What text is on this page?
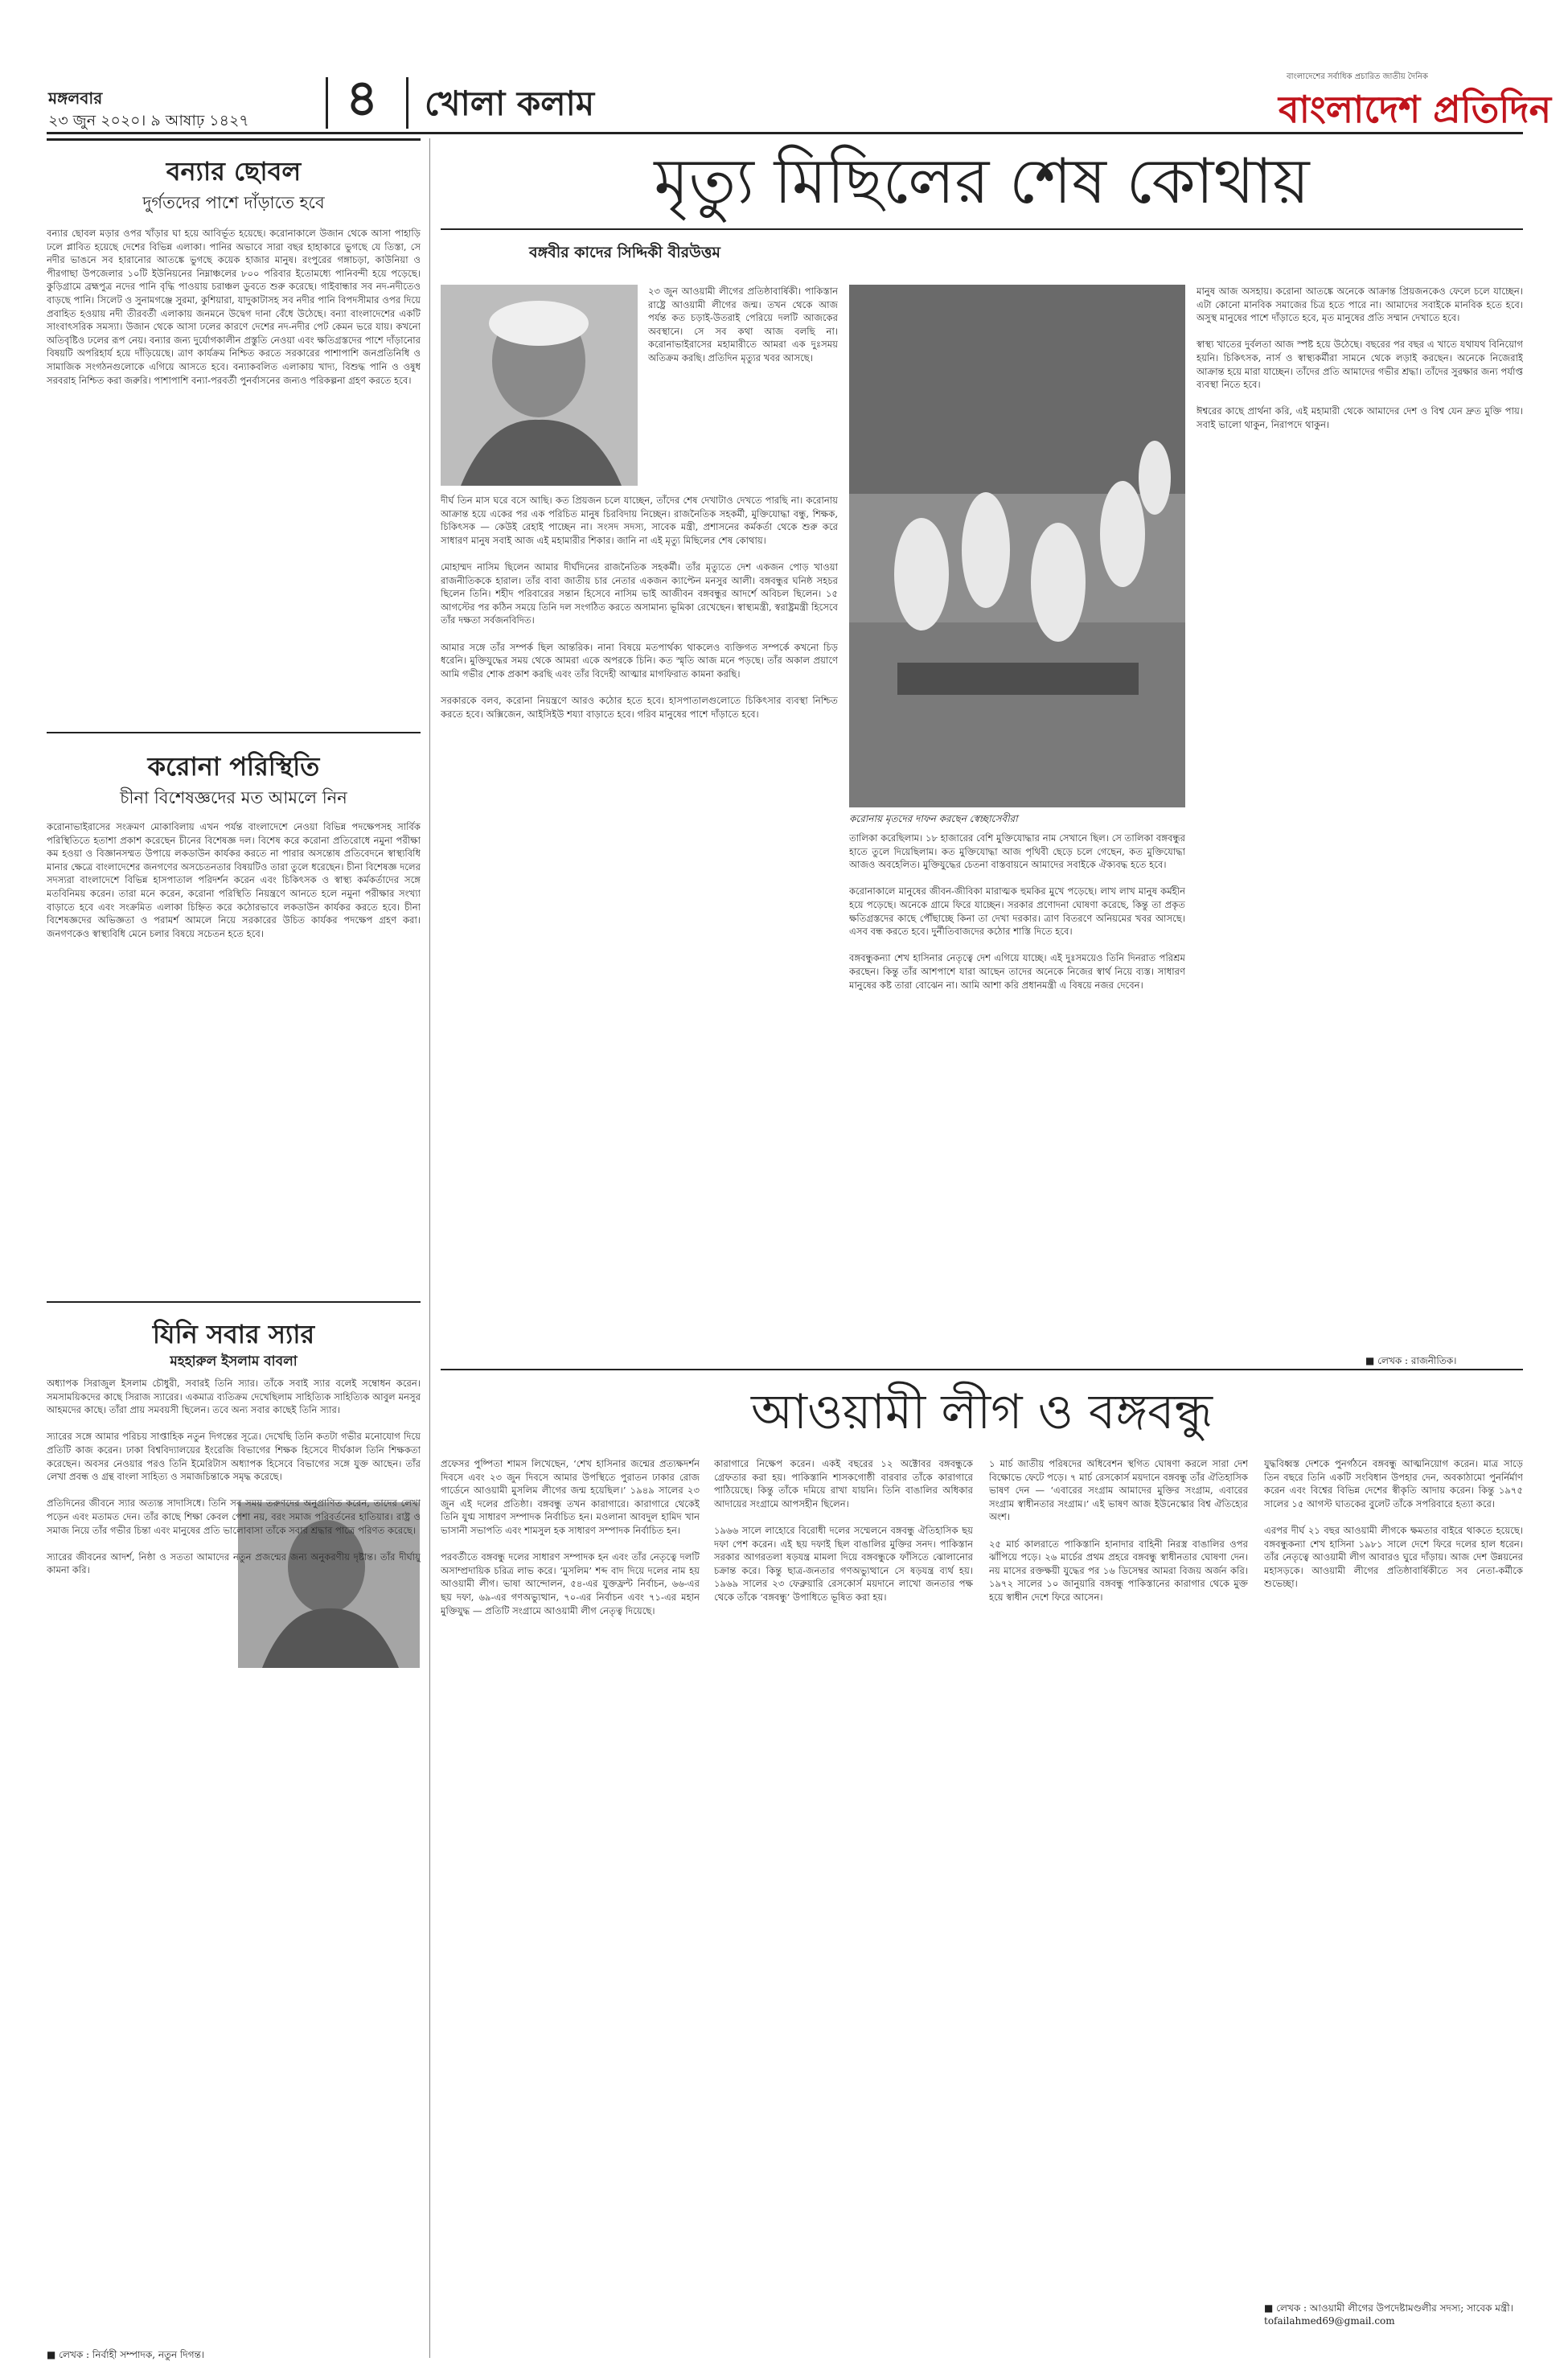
মঙ্গলবার
২৩ জুন ২০২০। ৯ আষাঢ় ১৪২৭ ৪ খোলা কলাম
বাংলাদেশের সর্বাধিক প্রচারিত জাতীয় দৈনিক
বাংলাদেশ প্রতিদিন
বন্যার ছোবল
দুর্গতদের পাশে দাঁড়াতে হবে
বন্যার ছোবল মড়ার ওপর খাঁড়ার ঘা হয়ে আবির্ভূত হয়েছে। করোনাকালে উজান থেকে আসা পাহাড়ি ঢলে প্লাবিত হয়েছে দেশের বিভিন্ন এলাকা। পানির অভাবে সারা বছর হাহাকারে ভুগছে যে তিস্তা, সে নদীর ভাঙনে সব হারানোর আতঙ্কে ভুগছে কয়েক হাজার মানুষ। রংপুরের গঙ্গাচড়া, কাউনিয়া ও পীরগাছা উপজেলার ১০টি ইউনিয়নের নিম্নাঞ্চলের ৮০০ পরিবার ইতোমধ্যে পানিবন্দী হয়ে পড়েছে। কুড়িগ্রামে ব্রহ্মপুত্র নদের পানি বৃদ্ধি পাওয়ায় চরাঞ্চল ডুবতে শুরু করেছে। গাইবান্ধার সব নদ-নদীতেও বাড়ছে পানি। সিলেট ও সুনামগঞ্জে সুরমা, কুশিয়ারা, যাদুকাটাসহ সব নদীর পানি বিপদসীমার ওপর দিয়ে প্রবাহিত হওয়ায় নদী তীরবর্তী এলাকায় জনমনে উদ্বেগ দানা বেঁধে উঠেছে। বন্যা বাংলাদেশের একটি সাংবাৎসরিক সমস্যা। উজান থেকে আসা ঢলের কারণে দেশের নদ-নদীর পেট কেমন ভরে যায়। কখনো অতিবৃষ্টিও ঢলের রূপ নেয়। বন্যার জন্য দুর্যোগকালীন প্রস্তুতি নেওয়া এবং ক্ষতিগ্রস্তদের পাশে দাঁড়ানোর বিষয়টি অপরিহার্য হয়ে দাঁড়িয়েছে। ত্রাণ কার্যক্রম নিশ্চিত করতে সরকারের পাশাপাশি জনপ্রতিনিধি ও সামাজিক সংগঠনগুলোকে এগিয়ে আসতে হবে। বন্যাকবলিত এলাকায় খাদ্য, বিশুদ্ধ পানি ও ওষুধ সরবরাহ নিশ্চিত করা জরুরি। পাশাপাশি বন্যা-পরবর্তী পুনর্বাসনের জন্যও পরিকল্পনা গ্রহণ করতে হবে।
করোনা পরিস্থিতি
চীনা বিশেষজ্ঞদের মত আমলে নিন
করোনাভাইরাসের সংক্রমণ মোকাবিলায় এখন পর্যন্ত বাংলাদেশে নেওয়া বিভিন্ন পদক্ষেপসহ সার্বিক পরিস্থিতিতে হতাশা প্রকাশ করেছেন চীনের বিশেষজ্ঞ দল। বিশেষ করে করোনা প্রতিরোধে নমুনা পরীক্ষা কম হওয়া ও বিজ্ঞানসম্মত উপায়ে লকডাউন কার্যকর করতে না পারার অসন্তোষ প্রতিবেদনে স্বাস্থ্যবিধি মানার ক্ষেত্রে বাংলাদেশের জনগণের অসচেতনতার বিষয়টিও তারা তুলে ধরেছেন। চীনা বিশেষজ্ঞ দলের সদস্যরা বাংলাদেশে বিভিন্ন হাসপাতাল পরিদর্শন করেন এবং চিকিৎসক ও স্বাস্থ্য কর্মকর্তাদের সঙ্গে মতবিনিময় করেন। তারা মনে করেন, করোনা পরিস্থিতি নিয়ন্ত্রণে আনতে হলে নমুনা পরীক্ষার সংখ্যা বাড়াতে হবে এবং সংক্রমিত এলাকা চিহ্নিত করে কঠোরভাবে লকডাউন কার্যকর করতে হবে। চীনা বিশেষজ্ঞদের অভিজ্ঞতা ও পরামর্শ আমলে নিয়ে সরকারের উচিত কার্যকর পদক্ষেপ গ্রহণ করা। জনগণকেও স্বাস্থ্যবিধি মেনে চলার বিষয়ে সচেতন হতে হবে।
যিনি সবার স্যার
মহহারুল ইসলাম বাবলা
অধ্যাপক সিরাজুল ইসলাম চৌধুরী, সবারই তিনি স্যার। তাঁকে সবাই স্যার বলেই সম্বোধন করেন। সমসাময়িকদের কাছে সিরাজ স্যারের। একমাত্র ব্যতিক্রম দেখেছিলাম সাহিত্যিক সাহিত্যিক আবুল মনসুর আহমদের কাছে। তাঁরা প্রায় সমবয়সী ছিলেন। তবে অন্য সবার কাছেই তিনি স্যার।

স্যারের সঙ্গে আমার পরিচয় সাপ্তাহিক নতুন দিগন্তের সূত্রে। দেখেছি তিনি কতটা গভীর মনোযোগ দিয়ে প্রতিটি কাজ করেন। ঢাকা বিশ্ববিদ্যালয়ের ইংরেজি বিভাগের শিক্ষক হিসেবে দীর্ঘকাল তিনি শিক্ষকতা করেছেন। অবসর নেওয়ার পরও তিনি ইমেরিটাস অধ্যাপক হিসেবে বিভাগের সঙ্গে যুক্ত আছেন। তাঁর লেখা প্রবন্ধ ও গ্রন্থ বাংলা সাহিত্য ও সমাজচিন্তাকে সমৃদ্ধ করেছে।

প্রতিদিনের জীবনে স্যার অত্যন্ত সাদাসিধে। তিনি সব সময় তরুণদের অনুপ্রাণিত করেন, তাদের লেখা পড়েন এবং মতামত দেন। তাঁর কাছে শিক্ষা কেবল পেশা নয়, বরং সমাজ পরিবর্তনের হাতিয়ার। রাষ্ট্র ও সমাজ নিয়ে তাঁর গভীর চিন্তা এবং মানুষের প্রতি ভালোবাসা তাঁকে সবার শ্রদ্ধার পাত্রে পরিণত করেছে।

স্যারের জীবনের আদর্শ, নিষ্ঠা ও সততা আমাদের নতুন প্রজন্মের জন্য অনুকরণীয় দৃষ্টান্ত। তাঁর দীর্ঘায়ু কামনা করি।
■ লেখক : নির্বাহী সম্পাদক, নতুন দিগন্ত।
মৃত্যু মিছিলের শেষ কোথায়
বঙ্গবীর কাদের সিদ্দিকী বীরউত্তম
২৩ জুন আওয়ামী লীগের প্রতিষ্ঠাবার্ষিকী। পাকিস্তান রাষ্ট্রে আওয়ামী লীগের জন্ম। তখন থেকে আজ পর্যন্ত কত চড়াই-উতরাই পেরিয়ে দলটি আজকের অবস্থানে। সে সব কথা আজ বলছি না। করোনাভাইরাসের মহামারীতে আমরা এক দুঃসময় অতিক্রম করছি। প্রতিদিন মৃত্যুর খবর আসছে।
দীর্ঘ তিন মাস ঘরে বসে আছি। কত প্রিয়জন চলে যাচ্ছেন, তাঁদের শেষ দেখাটাও দেখতে পারছি না। করোনায় আক্রান্ত হয়ে একের পর এক পরিচিত মানুষ চিরবিদায় নিচ্ছেন। রাজনৈতিক সহকর্মী, মুক্তিযোদ্ধা বন্ধু, শিক্ষক, চিকিৎসক — কেউই রেহাই পাচ্ছেন না। সংসদ সদস্য, সাবেক মন্ত্রী, প্রশাসনের কর্মকর্তা থেকে শুরু করে সাধারণ মানুষ সবাই আজ এই মহামারীর শিকার। জানি না এই মৃত্যু মিছিলের শেষ কোথায়।

মোহাম্মদ নাসিম ছিলেন আমার দীর্ঘদিনের রাজনৈতিক সহকর্মী। তাঁর মৃত্যুতে দেশ একজন পোড় খাওয়া রাজনীতিককে হারাল। তাঁর বাবা জাতীয় চার নেতার একজন ক্যাপ্টেন মনসুর আলী। বঙ্গবন্ধুর ঘনিষ্ঠ সহচর ছিলেন তিনি। শহীদ পরিবারের সন্তান হিসেবে নাসিম ভাই আজীবন বঙ্গবন্ধুর আদর্শে অবিচল ছিলেন। ১৫ আগস্টের পর কঠিন সময়ে তিনি দল সংগঠিত করতে অসামান্য ভূমিকা রেখেছেন। স্বাস্থ্যমন্ত্রী, স্বরাষ্ট্রমন্ত্রী হিসেবে তাঁর দক্ষতা সর্বজনবিদিত।

আমার সঙ্গে তাঁর সম্পর্ক ছিল আন্তরিক। নানা বিষয়ে মতপার্থক্য থাকলেও ব্যক্তিগত সম্পর্কে কখনো চিড় ধরেনি। মুক্তিযুদ্ধের সময় থেকে আমরা একে অপরকে চিনি। কত স্মৃতি আজ মনে পড়ছে। তাঁর অকাল প্রয়াণে আমি গভীর শোক প্রকাশ করছি এবং তাঁর বিদেহী আত্মার মাগফিরাত কামনা করছি।

সরকারকে বলব, করোনা নিয়ন্ত্রণে আরও কঠোর হতে হবে। হাসপাতালগুলোতে চিকিৎসার ব্যবস্থা নিশ্চিত করতে হবে। অক্সিজেন, আইসিইউ শয্যা বাড়াতে হবে। গরিব মানুষের পাশে দাঁড়াতে হবে।
করোনায় মৃতদের দাফন করছেন স্বেচ্ছাসেবীরা
তালিকা করেছিলাম। ১৮ হাজারের বেশি মুক্তিযোদ্ধার নাম সেখানে ছিল। সে তালিকা বঙ্গবন্ধুর হাতে তুলে দিয়েছিলাম। কত মুক্তিযোদ্ধা আজ পৃথিবী ছেড়ে চলে গেছেন, কত মুক্তিযোদ্ধা আজও অবহেলিত। মুক্তিযুদ্ধের চেতনা বাস্তবায়নে আমাদের সবাইকে ঐক্যবদ্ধ হতে হবে।

করোনাকালে মানুষের জীবন-জীবিকা মারাত্মক হুমকির মুখে পড়েছে। লাখ লাখ মানুষ কর্মহীন হয়ে পড়েছে। অনেকে গ্রামে ফিরে যাচ্ছেন। সরকার প্রণোদনা ঘোষণা করেছে, কিন্তু তা প্রকৃত ক্ষতিগ্রস্তদের কাছে পৌঁছাচ্ছে কিনা তা দেখা দরকার। ত্রাণ বিতরণে অনিয়মের খবর আসছে। এসব বন্ধ করতে হবে। দুর্নীতিবাজদের কঠোর শাস্তি দিতে হবে।

বঙ্গবন্ধুকন্যা শেখ হাসিনার নেতৃত্বে দেশ এগিয়ে যাচ্ছে। এই দুঃসময়েও তিনি দিনরাত পরিশ্রম করছেন। কিন্তু তাঁর আশপাশে যারা আছেন তাদের অনেকে নিজের স্বার্থ নিয়ে ব্যস্ত। সাধারণ মানুষের কষ্ট তারা বোঝেন না। আমি আশা করি প্রধানমন্ত্রী এ বিষয়ে নজর দেবেন।
মানুষ আজ অসহায়। করোনা আতঙ্কে অনেকে আক্রান্ত প্রিয়জনকেও ফেলে চলে যাচ্ছেন। এটা কোনো মানবিক সমাজের চিত্র হতে পারে না। আমাদের সবাইকে মানবিক হতে হবে। অসুস্থ মানুষের পাশে দাঁড়াতে হবে, মৃত মানুষের প্রতি সম্মান দেখাতে হবে।

স্বাস্থ্য খাতের দুর্বলতা আজ স্পষ্ট হয়ে উঠেছে। বছরের পর বছর এ খাতে যথাযথ বিনিয়োগ হয়নি। চিকিৎসক, নার্স ও স্বাস্থ্যকর্মীরা সামনে থেকে লড়াই করছেন। অনেকে নিজেরাই আক্রান্ত হয়ে মারা যাচ্ছেন। তাঁদের প্রতি আমাদের গভীর শ্রদ্ধা। তাঁদের সুরক্ষার জন্য পর্যাপ্ত ব্যবস্থা নিতে হবে।

ঈশ্বরের কাছে প্রার্থনা করি, এই মহামারী থেকে আমাদের দেশ ও বিশ্ব যেন দ্রুত মুক্তি পায়। সবাই ভালো থাকুন, নিরাপদে থাকুন।
■ লেখক : রাজনীতিক।
আওয়ামী লীগ ও বঙ্গবন্ধু
প্রফেসর পুষ্পিতা শামস লিখেছেন, ‘শেখ হাসিনার জন্মের প্রত্যক্ষদর্শন দিবসে এবং ২৩ জুন দিবসে আমার উপস্থিতে পুরাতন ঢাকার রোজ গার্ডেনে আওয়ামী মুসলিম লীগের জন্ম হয়েছিল।’ ১৯৪৯ সালের ২৩ জুন এই দলের প্রতিষ্ঠা। বঙ্গবন্ধু তখন কারাগারে। কারাগারে থেকেই তিনি যুগ্ম সাধারণ সম্পাদক নির্বাচিত হন। মওলানা আবদুল হামিদ খান ভাসানী সভাপতি এবং শামসুল হক সাধারণ সম্পাদক নির্বাচিত হন।

পরবর্তীতে বঙ্গবন্ধু দলের সাধারণ সম্পাদক হন এবং তাঁর নেতৃত্বে দলটি অসাম্প্রদায়িক চরিত্র লাভ করে। ‘মুসলিম’ শব্দ বাদ দিয়ে দলের নাম হয় আওয়ামী লীগ। ভাষা আন্দোলন, ৫৪-এর যুক্তফ্রন্ট নির্বাচন, ৬৬-এর ছয় দফা, ৬৯-এর গণঅভ্যুত্থান, ৭০-এর নির্বাচন এবং ৭১-এর মহান মুক্তিযুদ্ধ — প্রতিটি সংগ্রামে আওয়ামী লীগ নেতৃত্ব দিয়েছে।
কারাগারে নিক্ষেপ করেন। একই বছরের ১২ অক্টোবর বঙ্গবন্ধুকে গ্রেফতার করা হয়। পাকিস্তানি শাসকগোষ্ঠী বারবার তাঁকে কারাগারে পাঠিয়েছে। কিন্তু তাঁকে দমিয়ে রাখা যায়নি। তিনি বাঙালির অধিকার আদায়ের সংগ্রামে আপসহীন ছিলেন।

১৯৬৬ সালে লাহোরে বিরোধী দলের সম্মেলনে বঙ্গবন্ধু ঐতিহাসিক ছয় দফা পেশ করেন। এই ছয় দফাই ছিল বাঙালির মুক্তির সনদ। পাকিস্তান সরকার আগরতলা ষড়যন্ত্র মামলা দিয়ে বঙ্গবন্ধুকে ফাঁসিতে ঝোলানোর চক্রান্ত করে। কিন্তু ছাত্র-জনতার গণঅভ্যুত্থানে সে ষড়যন্ত্র ব্যর্থ হয়। ১৯৬৯ সালের ২৩ ফেব্রুয়ারি রেসকোর্স ময়দানে লাখো জনতার পক্ষ থেকে তাঁকে ‘বঙ্গবন্ধু’ উপাধিতে ভূষিত করা হয়।
১ মার্চ জাতীয় পরিষদের অধিবেশন স্থগিত ঘোষণা করলে সারা দেশ বিক্ষোভে ফেটে পড়ে। ৭ মার্চ রেসকোর্স ময়দানে বঙ্গবন্ধু তাঁর ঐতিহাসিক ভাষণ দেন — ‘এবারের সংগ্রাম আমাদের মুক্তির সংগ্রাম, এবারের সংগ্রাম স্বাধীনতার সংগ্রাম।’ এই ভাষণ আজ ইউনেস্কোর বিশ্ব ঐতিহ্যের অংশ।

২৫ মার্চ কালরাতে পাকিস্তানি হানাদার বাহিনী নিরস্ত্র বাঙালির ওপর ঝাঁপিয়ে পড়ে। ২৬ মার্চের প্রথম প্রহরে বঙ্গবন্ধু স্বাধীনতার ঘোষণা দেন। নয় মাসের রক্তক্ষয়ী যুদ্ধের পর ১৬ ডিসেম্বর আমরা বিজয় অর্জন করি। ১৯৭২ সালের ১০ জানুয়ারি বঙ্গবন্ধু পাকিস্তানের কারাগার থেকে মুক্ত হয়ে স্বাধীন দেশে ফিরে আসেন।
যুদ্ধবিধ্বস্ত দেশকে পুনর্গঠনে বঙ্গবন্ধু আত্মনিয়োগ করেন। মাত্র সাড়ে তিন বছরে তিনি একটি সংবিধান উপহার দেন, অবকাঠামো পুনর্নির্মাণ করেন এবং বিশ্বের বিভিন্ন দেশের স্বীকৃতি আদায় করেন। কিন্তু ১৯৭৫ সালের ১৫ আগস্ট ঘাতকের বুলেট তাঁকে সপরিবারে হত্যা করে।

এরপর দীর্ঘ ২১ বছর আওয়ামী লীগকে ক্ষমতার বাইরে থাকতে হয়েছে। বঙ্গবন্ধুকন্যা শেখ হাসিনা ১৯৮১ সালে দেশে ফিরে দলের হাল ধরেন। তাঁর নেতৃত্বে আওয়ামী লীগ আবারও ঘুরে দাঁড়ায়। আজ দেশ উন্নয়নের মহাসড়কে। আওয়ামী লীগের প্রতিষ্ঠাবার্ষিকীতে সব নেতা-কর্মীকে শুভেচ্ছা।
■ লেখক : আওয়ামী লীগের উপদেষ্টামণ্ডলীর সদস্য; সাবেক মন্ত্রী। tofailahmed69@gmail.com
